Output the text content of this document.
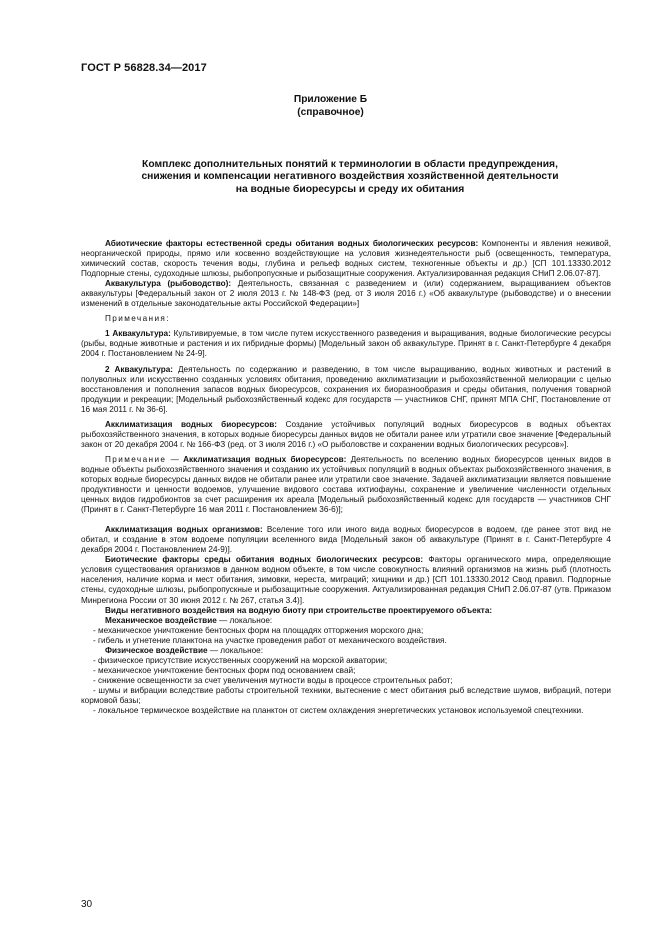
ГОСТ Р 56828.34—2017
Приложение Б
(справочное)
Комплекс дополнительных понятий к терминологии в области предупреждения,
снижения и компенсации негативного воздействия хозяйственной деятельности
на водные биоресурсы и среду их обитания

Абиотические факторы естественной среды обитания водных биологических ресурсов: Компоненты и явления неживой, неорганической природы, прямо или косвенно воздействующие на условия жизнедеятельности рыб (освещенность, температура, химический состав, скорость течения воды, глубина и рельеф водных систем, техногенные объекты и др.) [СП 101.13330.2012 Подпорные стены, судоходные шлюзы, рыбопропускные и рыбозащитные сооружения. Актуализированная редакция СНиП 2.06.07-87].

Аквакультура (рыбоводство): Деятельность, связанная с разведением и (или) содержанием, выращиванием объектов аквакультуры [Федеральный закон от 2 июля 2013 г. № 148-ФЗ (ред. от 3 июля 2016 г.) «Об аквакультуре (рыбоводстве) и о внесении изменений в отдельные законодательные акты Российской Федерации»]

Примечания:

1 Аквакультура: Культивируемые, в том числе путем искусственного разведения и выращивания, водные биологические ресурсы (рыбы, водные животные и растения и их гибридные формы) [Модельный закон об аквакультуре. Принят в г. Санкт-Петербурге 4 декабря 2004 г. Постановлением № 24-9].

2 Аквакультура: Деятельность по содержанию и разведению, в том числе выращиванию, водных животных и растений в полуволных или искусственно созданных условиях обитания, проведению акклиматизации и рыбохозяйственной мелиорации с целью восстановления и пополнения запасов водных биоресурсов, сохранения их биоразнообразия и среды обитания, получения товарной продукции и рекреации; [Модельный рыбохозяйственный кодекс для государств — участников СНГ, принят МПА СНГ, Постановление от 16 мая 2011 г. № 36-6].

Акклиматизация водных биоресурсов: Создание устойчивых популяций водных биоресурсов в водных объектах рыбохозяйственного значения, в которых водные биоресурсы данных видов не обитали ранее или утратили свое значение [Федеральный закон от 20 декабря 2004 г. № 166-ФЗ (ред. от 3 июля 2016 г.) «О рыболовстве и сохранении водных биологических ресурсов»].

Примечание — Акклиматизация водных биоресурсов: Деятельность по вселению водных биоресурсов ценных видов в водные объекты рыбохозяйственного значения и созданию их устойчивых популяций в водных объектах рыбохозяйственного значения, в которых водные биоресурсы данных видов не обитали ранее или утратили свое значение. Задачей акклиматизации является повышение продуктивности и ценности водоемов, улучшение видового состава ихтиофауны, сохранение и увеличение численности отдельных ценных видов гидробионтов за счет расширения их ареала [Модельный рыбохозяйственный кодекс для государств — участников СНГ (Принят в г. Санкт-Петербурге 16 мая 2011 г. Постановлением 36-6)];

Акклиматизация водных организмов: Вселение того или иного вида водных биоресурсов в водоем, где ранее этот вид не обитал, и создание в этом водоеме популяции вселенного вида [Модельный закон об аквакультуре (Принят в г. Санкт-Петербурге 4 декабря 2004 г. Постановлением 24-9)].

Биотические факторы среды обитания водных биологических ресурсов: Факторы органического мира, определяющие условия существования организмов в данном водном объекте, в том числе совокупность влияний организмов на жизнь рыб (плотность населения, наличие корма и мест обитания, зимовки, нереста, миграций; хищники и др.) [СП 101.13330.2012 Свод правил. Подпорные стены, судоходные шлюзы, рыбопропускные и рыбозащитные сооружения. Актуализированная редакция СНиП 2.06.07-87 (утв. Приказом Минрегиона России от 30 июня 2012 г. № 267, статья 3.4)].

Виды негативного воздействия на водную биоту при строительстве проектируемого объекта:

Механическое воздействие — локальное:

- механическое уничтожение бентосных форм на площадях отторжения морского дна;

- гибель и угнетение планктона на участке проведения работ от механического воздействия.

Физическое воздействие — локальное:

- физическое присутствие искусственных сооружений на морской акватории;

- механическое уничтожение бентосных форм под основанием свай;

- снижение освещенности за счет увеличения мутности воды в процессе строительных работ;

- шумы и вибрации вследствие работы строительной техники, вытеснение с мест обитания рыб вследствие шумов, вибраций, потери кормовой базы;

- локальное термическое воздействие на планктон от систем охлаждения энергетических установок используемой спецтехники.

30
